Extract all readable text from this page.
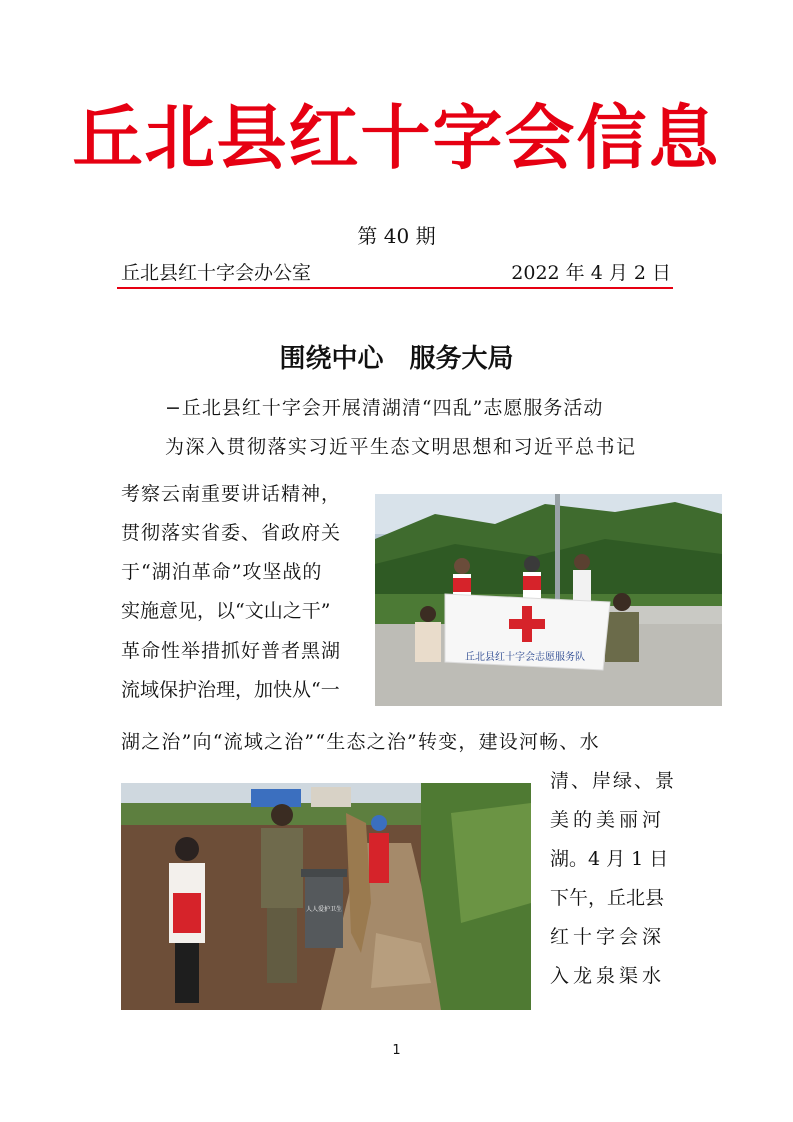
丘北县红十字会信息
第 40 期
丘北县红十字会办公室	2022 年 4 月 2 日
围绕中心　服务大局
−丘北县红十字会开展清湖清“四乱”志愿服务活动
为深入贯彻落实习近平生态文明思想和习近平总书记
考察云南重要讲话精神，
贯彻落实省委、省政府关
于“湖泊革命”攻坚战的
实施意见，以“文山之干”
革命性举措抓好普者黑湖
流域保护治理，加快从“一
湖之治”向“流域之治”“生态之治”转变，建设河畅、水
清、岸绿、景
美的美丽河
湖。4 月 1 日
下午，丘北县
红十字会深
入龙泉渠水
丘北县红十字会志愿服务队
人人爱护卫生
1
